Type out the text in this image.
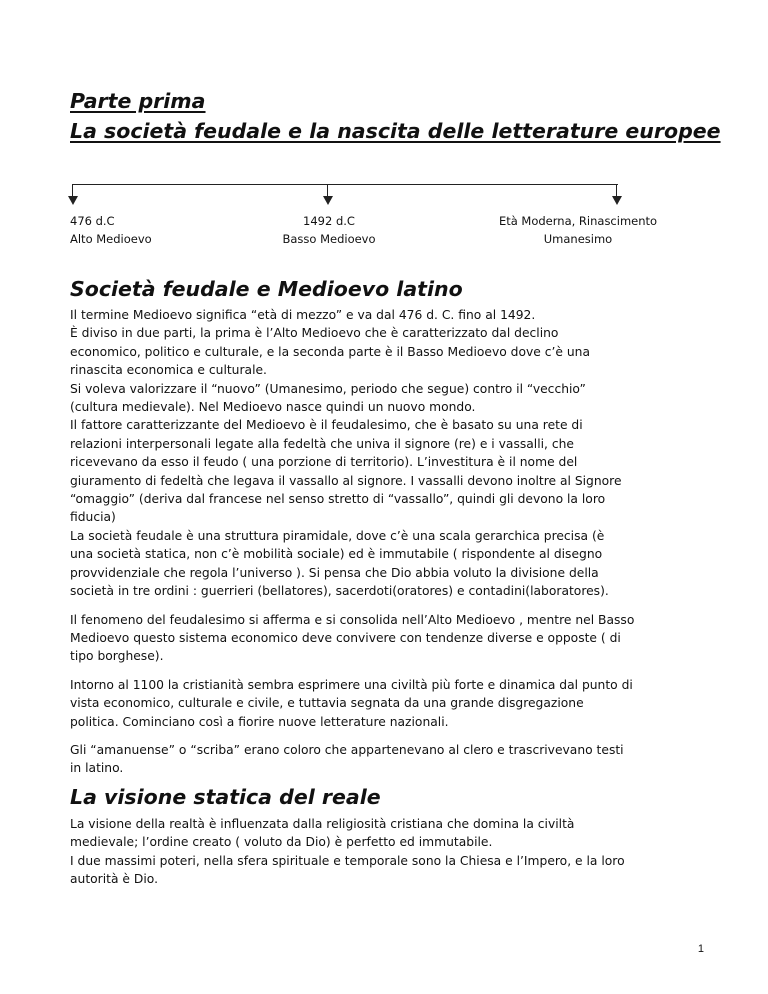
Parte prima

La società feudale e la nascita delle letterature europee

476 d.C
Alto Medioevo
1492 d.C
Basso Medioevo
Età Moderna, Rinascimento
Umanesimo
Società feudale e Medioevo latino

Il termine Medioevo significa “età di mezzo” e va dal 476 d. C. fino al 1492.

È diviso in due parti, la prima è l’Alto Medioevo che è caratterizzato dal declino

economico, politico e culturale, e la seconda parte è il Basso Medioevo dove c’è una

rinascita economica e culturale.

Si voleva valorizzare il “nuovo” (Umanesimo, periodo che segue) contro il “vecchio”

(cultura medievale). Nel Medioevo nasce quindi un nuovo mondo.

Il fattore caratterizzante del Medioevo è il feudalesimo, che è basato su una rete di

relazioni interpersonali legate alla fedeltà che univa il signore (re) e i vassalli, che

ricevevano da esso il feudo ( una porzione di territorio). L’investitura è il nome del

giuramento di fedeltà che legava il vassallo al signore. I vassalli devono inoltre al Signore

“omaggio” (deriva dal francese nel senso stretto di “vassallo”, quindi gli devono la loro

fiducia)

La società feudale è una struttura piramidale, dove c’è una scala gerarchica precisa (è

una società statica, non c’è mobilità sociale) ed è immutabile ( rispondente al disegno

provvidenziale che regola l’universo ). Si pensa che Dio abbia voluto la divisione della

società in tre ordini : guerrieri (bellatores), sacerdoti(oratores) e contadini(laboratores).

Il fenomeno del feudalesimo si afferma e si consolida nell’Alto Medioevo , mentre nel Basso

Medioevo questo sistema economico deve convivere con tendenze diverse e opposte ( di

tipo borghese).

Intorno al 1100 la cristianità sembra esprimere una civiltà più forte e dinamica dal punto di

vista economico, culturale e civile, e tuttavia segnata da una grande disgregazione

politica. Cominciano così a fiorire nuove letterature nazionali.

Gli “amanuense” o “scriba” erano coloro che appartenevano al clero e trascrivevano testi

in latino.

La visione statica del reale

La visione della realtà è influenzata dalla religiosità cristiana che domina la civiltà

medievale; l’ordine creato ( voluto da Dio) è perfetto ed immutabile.

I due massimi poteri, nella sfera spirituale e temporale sono la Chiesa e l’Impero, e la loro

autorità è Dio.

1
